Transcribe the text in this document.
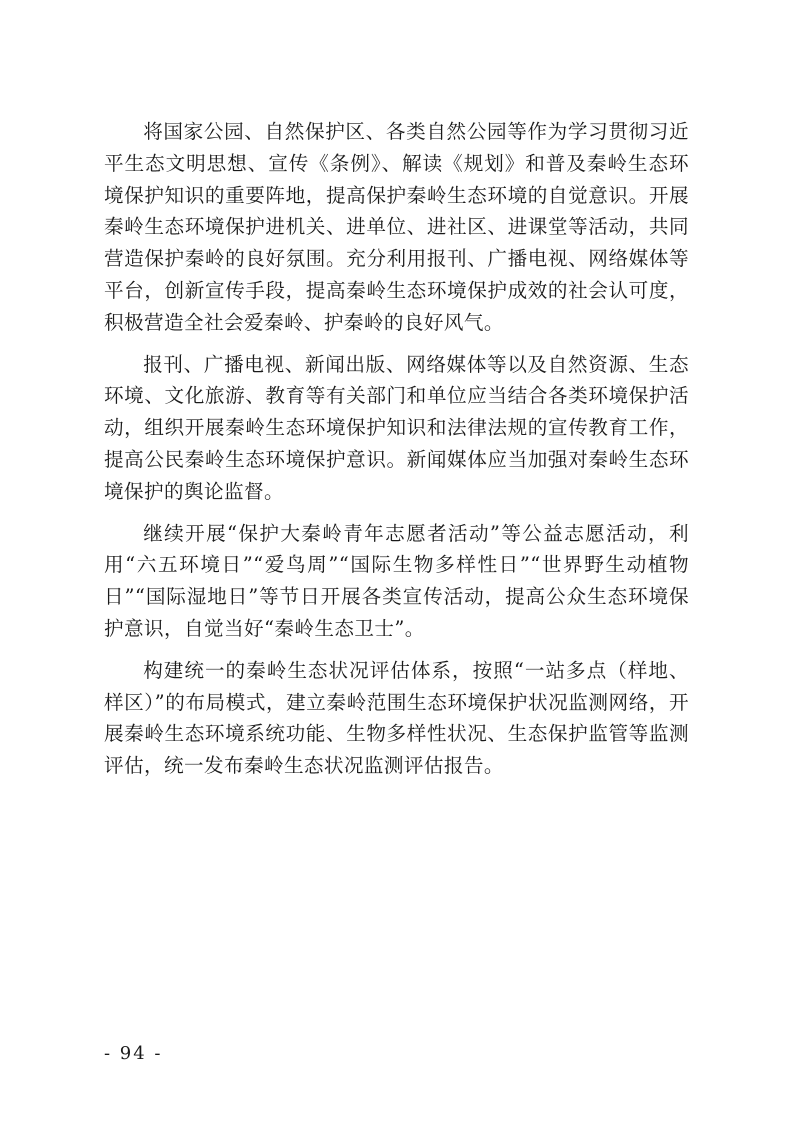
将国家公园、自然保护区、各类自然公园等作为学习贯彻习近平生态文明思想、宣传《条例》、解读《规划》和普及秦岭生态环境保护知识的重要阵地，提高保护秦岭生态环境的自觉意识。开展秦岭生态环境保护进机关、进单位、进社区、进课堂等活动，共同营造保护秦岭的良好氛围。充分利用报刊、广播电视、网络媒体等平台，创新宣传手段，提高秦岭生态环境保护成效的社会认可度，积极营造全社会爱秦岭、护秦岭的良好风气。

报刊、广播电视、新闻出版、网络媒体等以及自然资源、生态环境、文化旅游、教育等有关部门和单位应当结合各类环境保护活动，组织开展秦岭生态环境保护知识和法律法规的宣传教育工作，提高公民秦岭生态环境保护意识。新闻媒体应当加强对秦岭生态环境保护的舆论监督。

继续开展“保护大秦岭青年志愿者活动”等公益志愿活动，利用“六五环境日”“爱鸟周”“国际生物多样性日”“世界野生动植物日”“国际湿地日”等节日开展各类宣传活动，提高公众生态环境保护意识，自觉当好“秦岭生态卫士”。

构建统一的秦岭生态状况评估体系，按照“一站多点（样地、样区）”的布局模式，建立秦岭范围生态环境保护状况监测网络，开展秦岭生态环境系统功能、生物多样性状况、生态保护监管等监测评估，统一发布秦岭生态状况监测评估报告。

- 94 -
